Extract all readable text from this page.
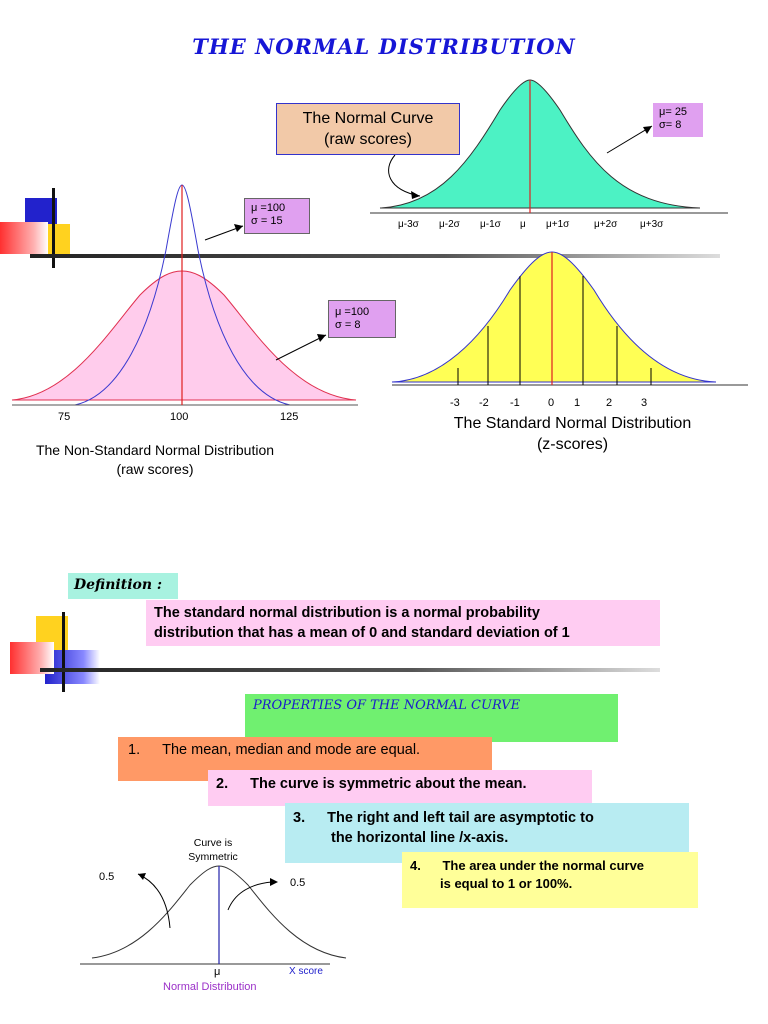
THE NORMAL DISTRIBUTION
The Normal Curve
(raw scores)
μ= 25
σ= 8
μ-3σ μ-2σ μ-1σ μ μ+1σ μ+2σ μ+3σ
μ =100
σ = 15
μ =100
σ = 8
75	100	125
The Non-Standard Normal Distribution
(raw scores)
-3 -2 -1	0 1 2	3
The Standard Normal Distribution
(z-scores)
Definition :
The standard normal distribution is a normal probability
distribution that has a mean of 0 and standard deviation of 1
PROPERTIES OF THE NORMAL CURVE
1. The mean, median and mode are equal.
2. The curve is symmetric about the mean.
3. The right and left tail are asymptotic to
the horizontal line /x-axis.
4. The area under the normal curve
is equal to 1 or 100%.
Curve is
Symmetric
0.5	0.5
μ	X score
Normal Distribution
